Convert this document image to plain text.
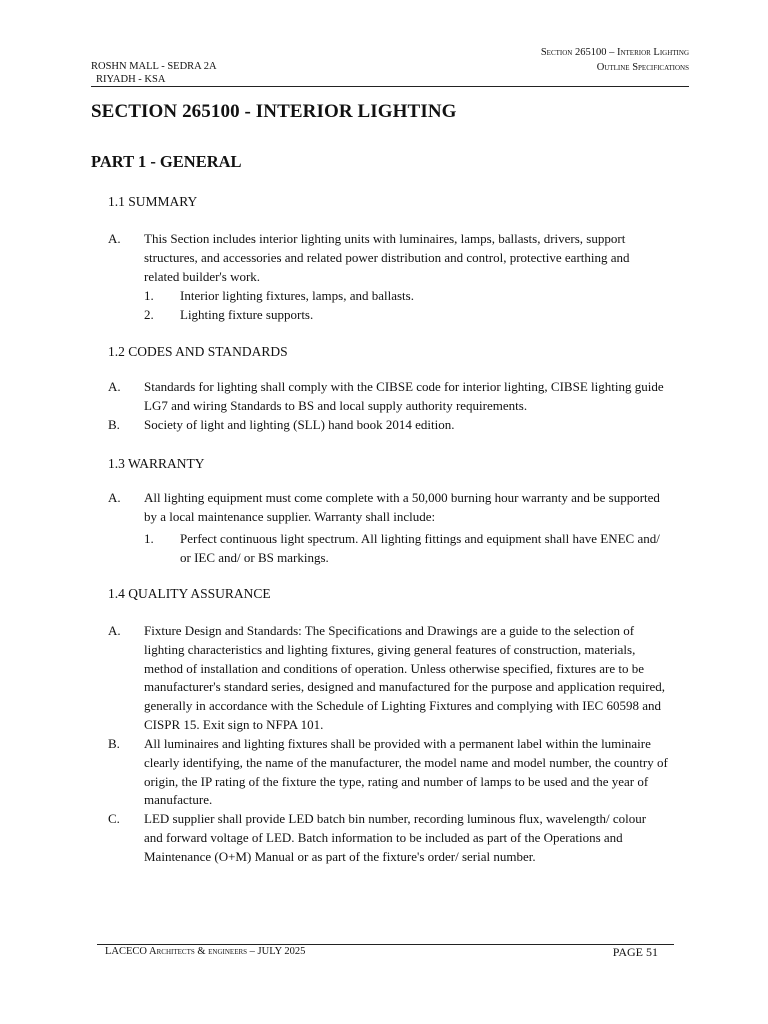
ROSHN MALL - SEDRA 2A
RIYADH - KSA
Section 265100 – Interior Lighting
Outline Specifications
SECTION 265100 - INTERIOR LIGHTING
PART 1 - GENERAL
1.1 SUMMARY
A. This Section includes interior lighting units with luminaires, lamps, ballasts, drivers, support structures, and accessories and related power distribution and control, protective earthing and related builder's work.
1. Interior lighting fixtures, lamps, and ballasts.
2. Lighting fixture supports.
1.2 CODES AND STANDARDS
A. Standards for lighting shall comply with the CIBSE code for interior lighting, CIBSE lighting guide LG7 and wiring Standards to BS and local supply authority requirements.
B. Society of light and lighting (SLL) hand book 2014 edition.
1.3 WARRANTY
A. All lighting equipment must come complete with a 50,000 burning hour warranty and be supported by a local maintenance supplier. Warranty shall include:
1. Perfect continuous light spectrum. All lighting fittings and equipment shall have ENEC and/ or IEC and/ or BS markings.
1.4 QUALITY ASSURANCE
A. Fixture Design and Standards: The Specifications and Drawings are a guide to the selection of lighting characteristics and lighting fixtures, giving general features of construction, materials, method of installation and conditions of operation. Unless otherwise specified, fixtures are to be manufacturer's standard series, designed and manufactured for the purpose and application required, generally in accordance with the Schedule of Lighting Fixtures and complying with IEC 60598 and CISPR 15. Exit sign to NFPA 101.
B. All luminaires and lighting fixtures shall be provided with a permanent label within the luminaire clearly identifying, the name of the manufacturer, the model name and model number, the country of origin, the IP rating of the fixture the type, rating and number of lamps to be used and the year of manufacture.
C. LED supplier shall provide LED batch bin number, recording luminous flux, wavelength/ colour and forward voltage of LED. Batch information to be included as part of the Operations and Maintenance (O+M) Manual or as part of the fixture's order/ serial number.
LACECO Architects & engineers – JULY 2025	PAGE 51
